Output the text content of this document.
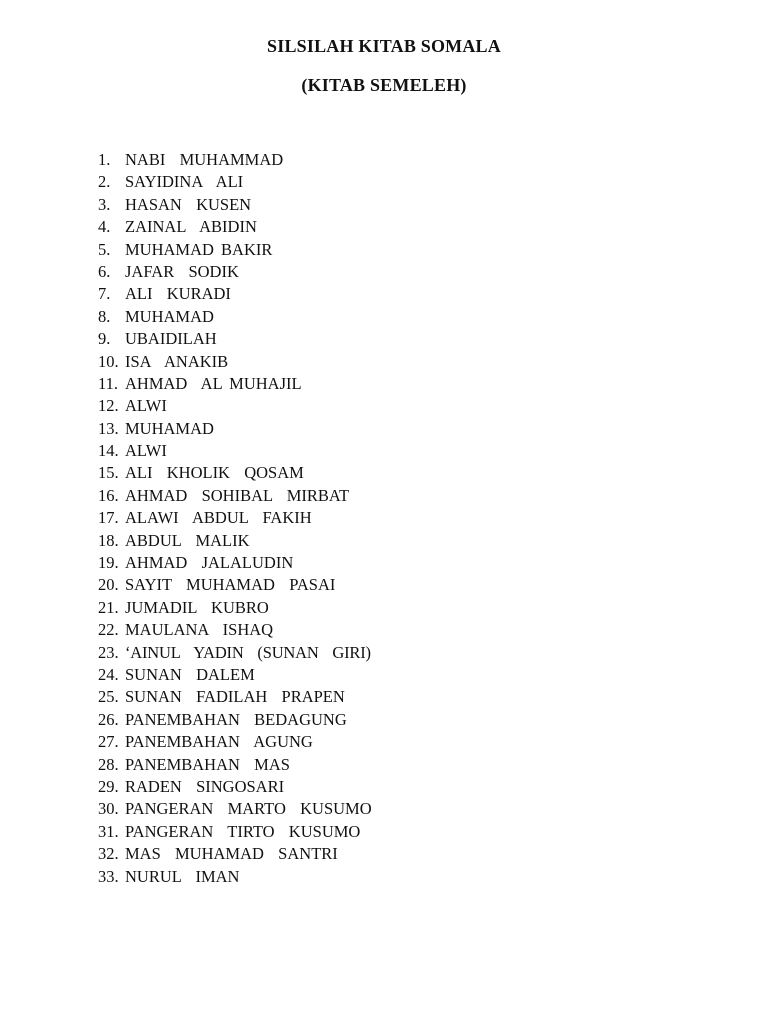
SILSILAH KITAB SOMALA
(KITAB SEMELEH)
1. NABI  MUHAMMAD
2. SAYIDINA  ALI
3. HASAN  KUSEN
4. ZAINAL  ABIDIN
5. MUHAMAD BAKIR
6. JAFAR  SODIK
7. ALI  KURADI
8. MUHAMAD
9. UBAIDILAH
10. ISA  ANAKIB
11. AHMAD  AL MUHAJIL
12. ALWI
13. MUHAMAD
14. ALWI
15. ALI  KHOLIK  QOSAM
16. AHMAD  SOHIBAL  MIRBAT
17. ALAWI  ABDUL  FAKIH
18. ABDUL  MALIK
19. AHMAD  JALALUDIN
20. SAYIT  MUHAMAD  PASAI
21. JUMADIL  KUBRO
22. MAULANA  ISHAQ
23. ‘AINUL  YADIN  (SUNAN  GIRI)
24. SUNAN  DALEM
25. SUNAN  FADILAH  PRAPEN
26. PANEMBAHAN  BEDAGUNG
27. PANEMBAHAN  AGUNG
28. PANEMBAHAN  MAS
29. RADEN  SINGOSARI
30. PANGERAN  MARTO  KUSUMO
31. PANGERAN  TIRTO  KUSUMO
32. MAS  MUHAMAD  SANTRI
33. NURUL  IMAN
